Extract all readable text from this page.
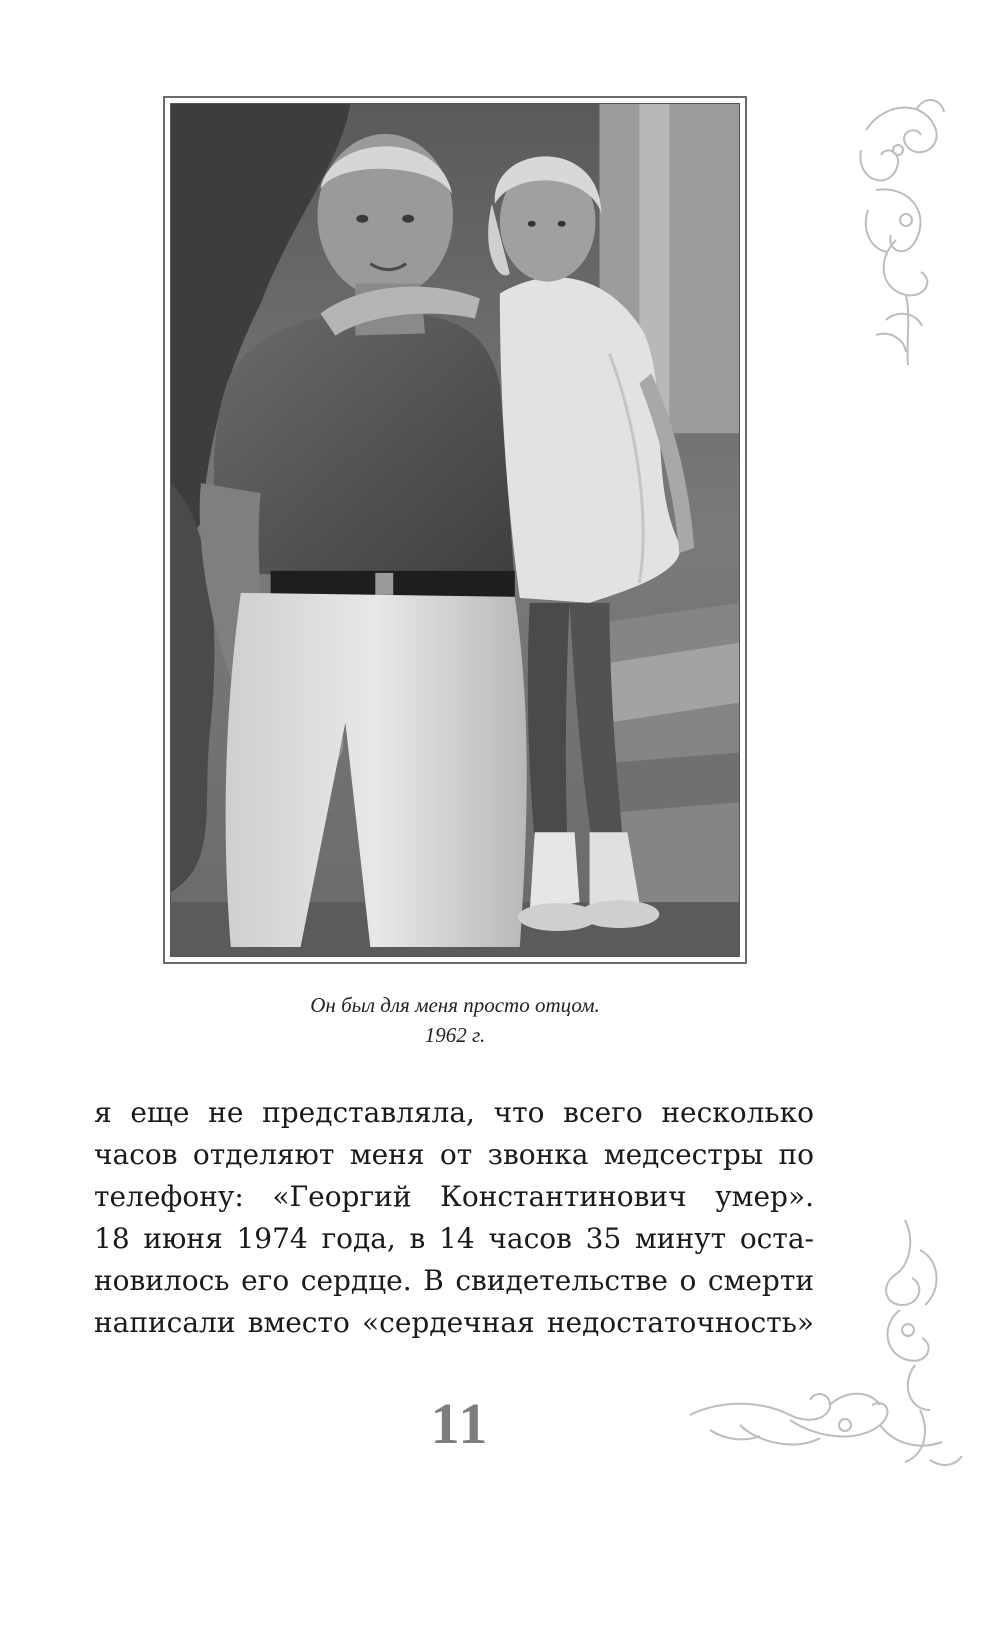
Он был для меня просто отцом.
1962 г.
я еще не представляла, что всего несколько
часов отделяют меня от звонка медсестры по
телефону: «Георгий Константинович умер».
18 июня 1974 года, в 14 часов 35 минут оста-
новилось его сердце. В свидетельстве о смерти
написали вместо «сердечная недостаточность»
11
